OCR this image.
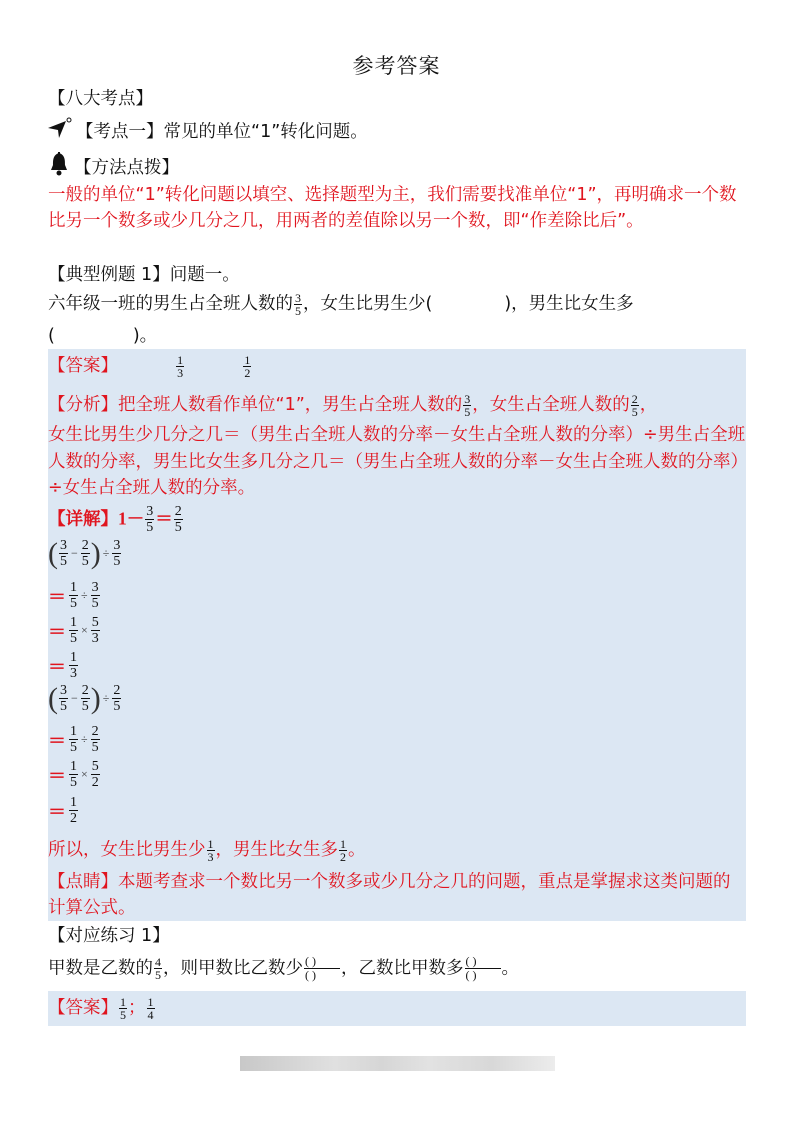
参考答案
【八大考点】
【考点一】常见的单位“1”转化问题。
【方法点拨】
一般的单位“1”转化问题以填空、选择题型为主，我们需要找准单位“1”，再明确求一个数比另一个数多或少几分之几，用两者的差值除以另一个数，即“作差除比后”。
【典型例题 1】问题一。
六年级一班的男生占全班人数的 $\frac{3}{5}$ ，女生比男生少(	)，男生比女生多
(	)。
【答案】	$\frac{1}{3}$
	$\frac{1}{2}$
【分析】把全班人数看作单位“1”，男生占全班人数的 $\frac{3}{5}$ ，女生占全班人数的 $\frac{2}{5}$ ，
女生比男生少几分之几＝（男生占全班人数的分率－女生占全班人数的分率）÷男生占全班人数的分率，男生比女生多几分之几＝（男生占全班人数的分率－女生占全班人数的分率）÷女生占全班人数的分率。
【详解】$1- \frac{3}{5} = \frac{2}{5}$
( $\frac{3}{5} - \frac{2}{5}$ ) ÷ $\frac{3}{5}$
＝ $\frac{1}{5} \div \frac{3}{5}$
＝ $\frac{1}{5} \times \frac{5}{3}$
＝ $\frac{1}{3}$
( $\frac{3}{5} - \frac{2}{5}$ ) ÷ $\frac{2}{5}$
＝ $\frac{1}{5} \div \frac{2}{5}$
＝ $\frac{1}{5} \times \frac{5}{2}$
＝ $\frac{1}{2}$
所以，女生比男生少 $\frac{1}{3}$ ，男生比女生多 $\frac{1}{2}$ 。
【点睛】本题考查求一个数比另一个数多或少几分之几的问题，重点是掌握求这类问题的计算公式。
【对应练习 1】
甲数是乙数的 $\frac{4}{5}$ ，则甲数比乙数少 $\frac{( )}{( )}$ ，乙数比甲数多 $\frac{( )}{( )}$ 。
【答案】 $\frac{1}{5}$ ； $\frac{1}{4}$
